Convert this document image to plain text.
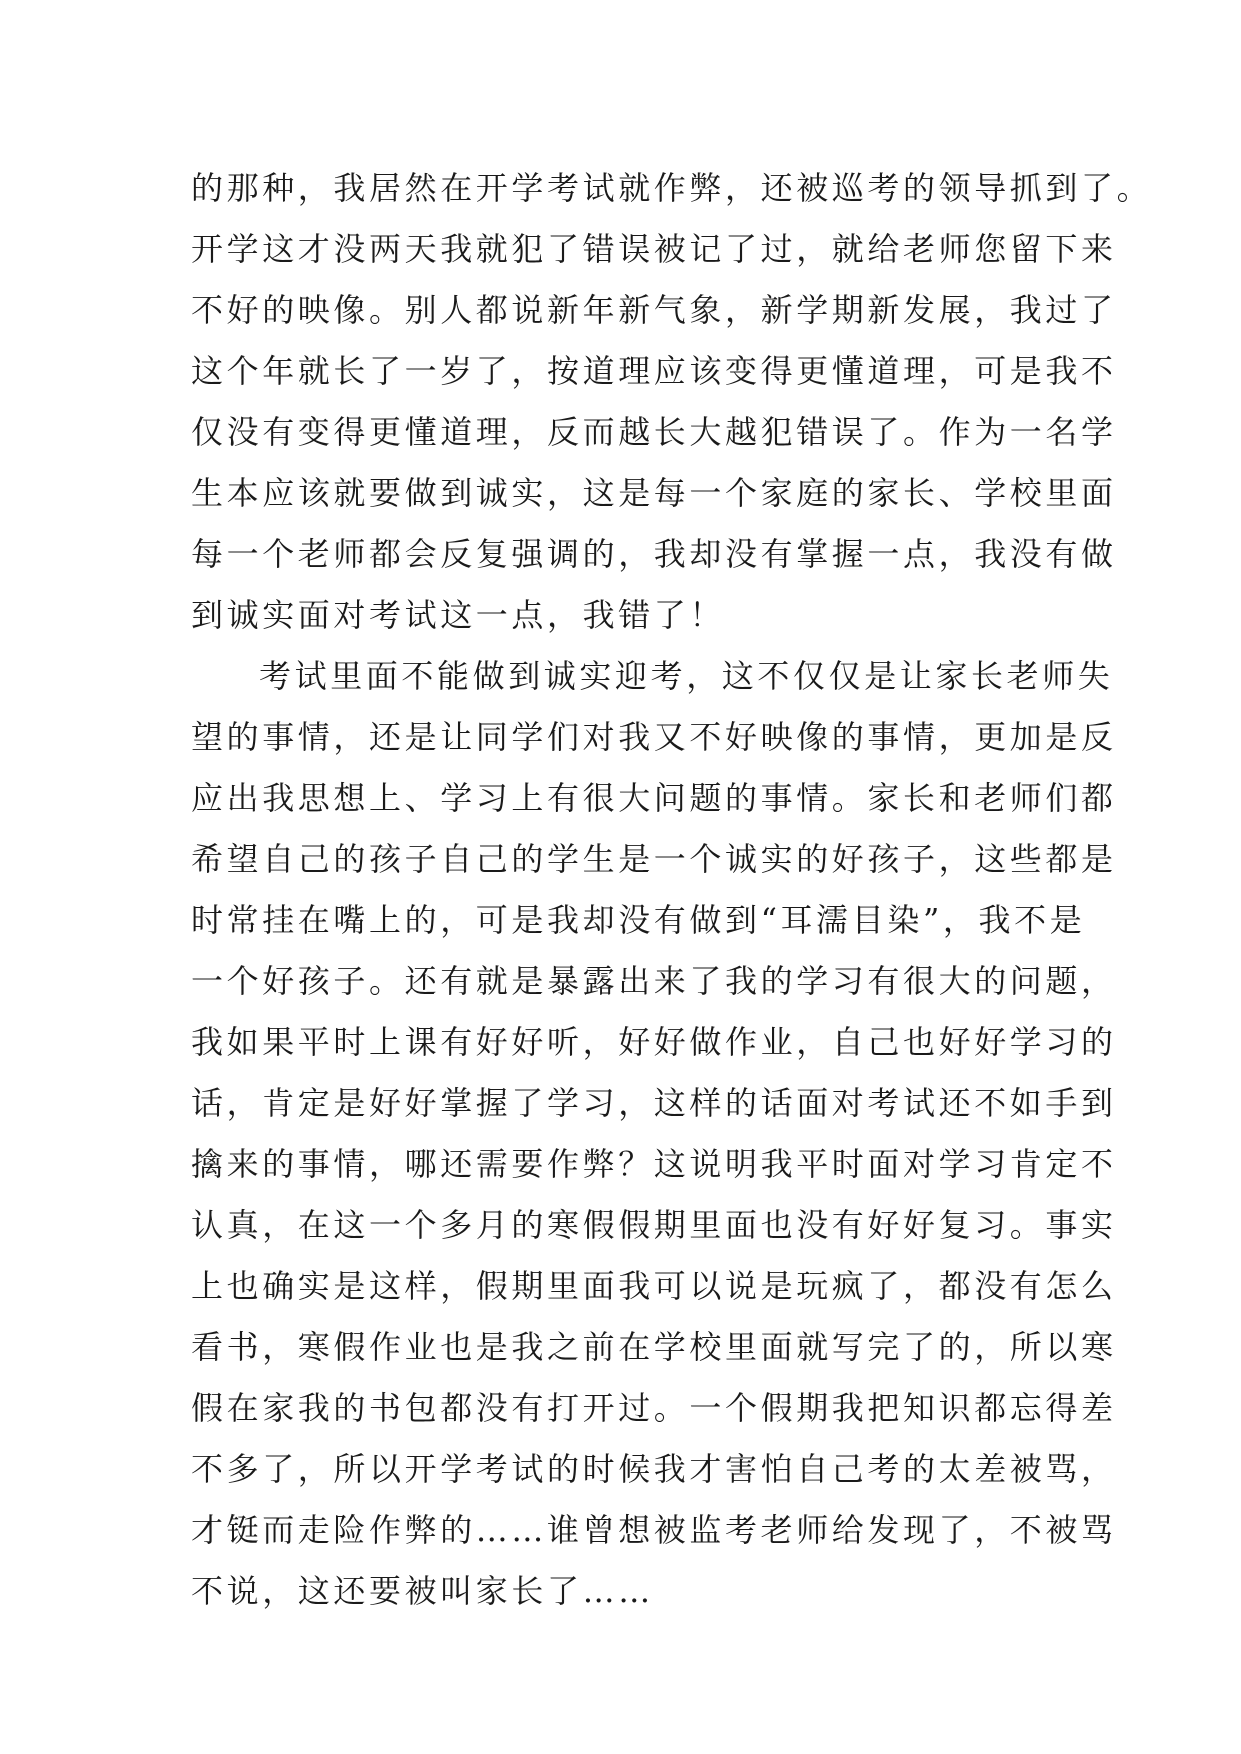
的那种，我居然在开学考试就作弊，还被巡考的领导抓到了。
开学这才没两天我就犯了错误被记了过，就给老师您留下来
不好的映像。别人都说新年新气象，新学期新发展，我过了
这个年就长了一岁了，按道理应该变得更懂道理，可是我不
仅没有变得更懂道理，反而越长大越犯错误了。作为一名学
生本应该就要做到诚实，这是每一个家庭的家长、学校里面
每一个老师都会反复强调的，我却没有掌握一点，我没有做
到诚实面对考试这一点，我错了！
考试里面不能做到诚实迎考，这不仅仅是让家长老师失
望的事情，还是让同学们对我又不好映像的事情，更加是反
应出我思想上、学习上有很大问题的事情。家长和老师们都
希望自己的孩子自己的学生是一个诚实的好孩子，这些都是
时常挂在嘴上的，可是我却没有做到“耳濡目染”，我不是
一个好孩子。还有就是暴露出来了我的学习有很大的问题，
我如果平时上课有好好听，好好做作业，自己也好好学习的
话，肯定是好好掌握了学习，这样的话面对考试还不如手到
擒来的事情，哪还需要作弊？这说明我平时面对学习肯定不
认真，在这一个多月的寒假假期里面也没有好好复习。事实
上也确实是这样，假期里面我可以说是玩疯了，都没有怎么
看书，寒假作业也是我之前在学校里面就写完了的，所以寒
假在家我的书包都没有打开过。一个假期我把知识都忘得差
不多了，所以开学考试的时候我才害怕自己考的太差被骂，
才铤而走险作弊的……谁曾想被监考老师给发现了，不被骂
不说，这还要被叫家长了……
